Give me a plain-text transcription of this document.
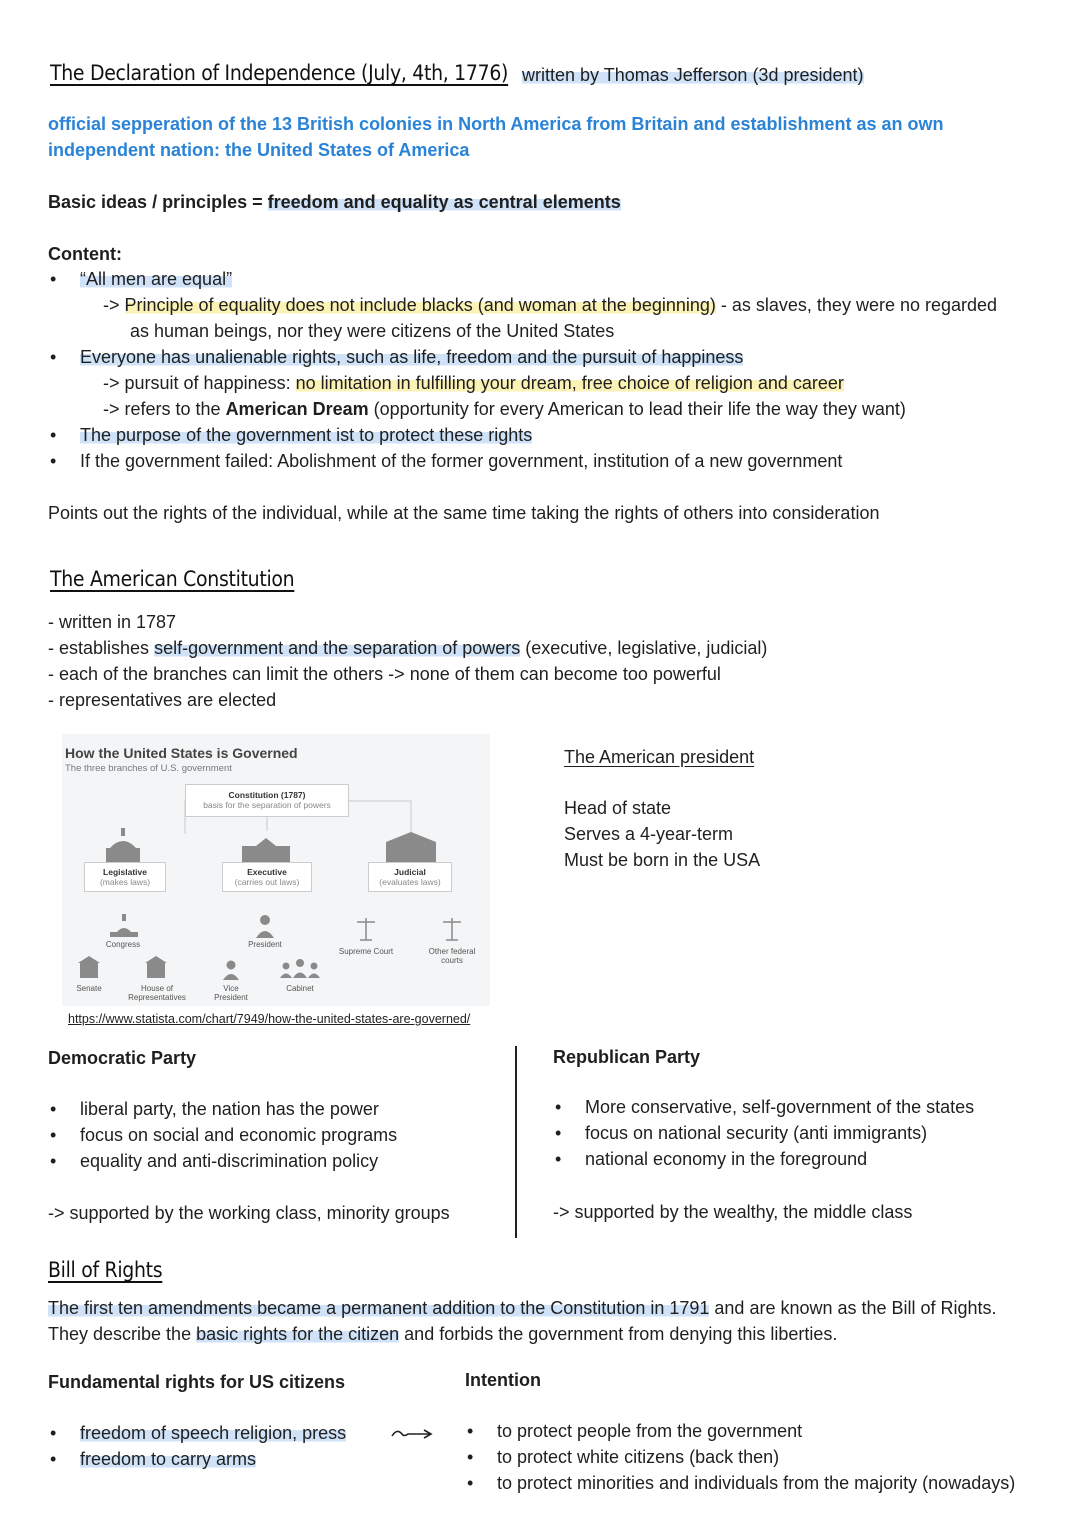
The Declaration of Independence (July, 4th, 1776) written by Thomas Jefferson (3d president)
official sepperation of the 13 British colonies in North America from Britain and establishment as an own
independent nation: the United States of America
Basic ideas / principles = freedom and equality as central elements
Content:
• “All men are equal”
-> Principle of equality does not include blacks (and woman at the beginning) - as slaves, they were no regarded
as human beings, nor they were citizens of the United States
• Everyone has unalienable rights, such as life, freedom and the pursuit of happiness
-> pursuit of happiness: no limitation in fulfilling your dream, free choice of religion and career
-> refers to the American Dream (opportunity for every American to lead their life the way they want)
• The purpose of the government ist to protect these rights
• If the government failed: Abolishment of the former government, institution of a new government
Points out the rights of the individual, while at the same time taking the rights of others into consideration
The American Constitution
- written in 1787
- establishes self-government and the separation of powers (executive, legislative, judicial)
- each of the branches can limit the others -> none of them can become too powerful
- representatives are elected
How the United States is Governed
The three branches of U.S. government
Constitution (1787)
basis for the separation of powers
Legislative
(makes laws)
Executive
(carries out laws)
Judicial
(evaluates laws)
Congress	President
Supreme Court	Other federal courts
Senate	House of Representatives
Vice President
Cabinet
https://www.statista.com/chart/7949/how-the-united-states-are-governed/
The American president
Head of state
Serves a 4-year-term
Must be born in the USA
Democratic Party
• liberal party, the nation has the power
• focus on social and economic programs
• equality and anti-discrimination policy
-> supported by the working class, minority groups
Republican Party
• More conservative, self-government of the states
• focus on national security (anti immigrants)
• national economy in the foreground
-> supported by the wealthy, the middle class
Bill of Rights
The first ten amendments became a permanent addition to the Constitution in 1791 and are known as the Bill of Rights.
They describe the basic rights for the citizen and forbids the government from denying this liberties.
Fundamental rights for US citizens	Intention
• freedom of speech religion, press
• freedom to carry arms
• to protect people from the government
• to protect white citizens (back then)
• to protect minorities and individuals from the majority (nowadays)
